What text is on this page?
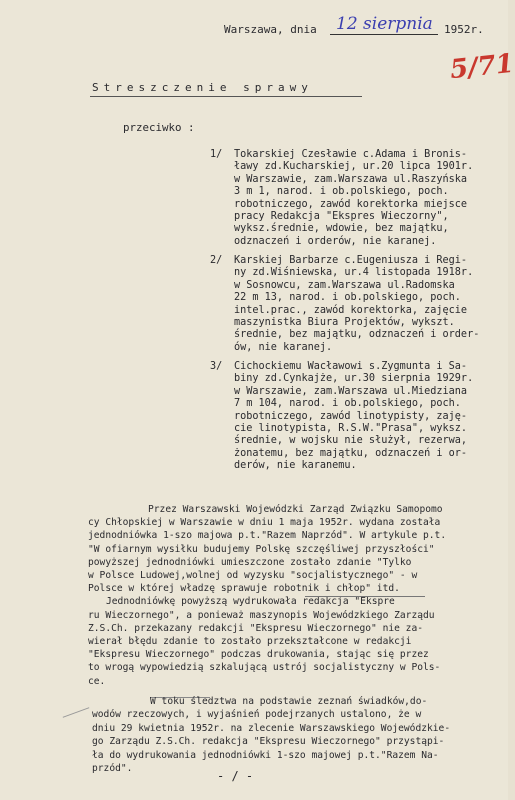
Warszawa, dnia 12 sierpnia 1952r.
5/71
Streszczenie sprawy
przeciwko :
1/ Tokarskiej Czesławie c.Adama i Bronis-
ławy zd.Kucharskiej, ur.20 lipca 1901r.
w Warszawie, zam.Warszawa ul.Raszyńska
3 m 1, narod. i ob.polskiego, poch.
robotniczego, zawód korektorka miejsce
pracy Redakcja "Ekspres Wieczorny",
wyksz.średnie, wdowie, bez majątku,
odznaczeń i orderów, nie karanej.
2/ Karskiej Barbarze c.Eugeniusza i Regi-
ny zd.Wiśniewska, ur.4 listopada 1918r.
w Sosnowcu, zam.Warszawa ul.Radomska
22 m 13, narod. i ob.polskiego, poch.
intel.prac., zawód korektorka, zajęcie
maszynistka Biura Projektów, wykszt.
średnie, bez majątku, odznaczeń i order-
ów, nie karanej.
3/ Cichockiemu Wacławowi s.Zygmunta i Sa-
biny zd.Cynkajże, ur.30 sierpnia 1929r.
w Warszawie, zam.Warszawa ul.Miedziana
7 m 104, narod. i ob.polskiego, poch.
robotniczego, zawód linotypisty, zaję-
cie linotypista, R.S.W."Prasa", wyksz.
średnie, w wojsku nie służył, rezerwa,
żonatemu, bez majątku, odznaczeń i or-
derów, nie karanemu.
Przez Warszawski Wojewódzki Zarząd Związku Samopomo
cy Chłopskiej w Warszawie w dniu 1 maja 1952r. wydana została
jednodniówka 1-szo majowa p.t."Razem Naprzód". W artykule p.t.
"W ofiarnym wysiłku budujemy Polskę szczęśliwej przyszłości"
powyższej jednodniówki umieszczone zostało zdanie "Tylko
w Polsce Ludowej,wolnej od wyzysku "socjalistycznego" - w
Polsce w której władzę sprawuje robotnik i chłop" itd.
Jednodniówkę powyższą wydrukowała redakcja "Ekspre
ru Wieczornego", a ponieważ maszynopis Wojewódzkiego Zarządu
Z.S.Ch. przekazany redakcji "Ekspresu Wieczornego" nie za-
wierał błędu zdanie to zostało przekształcone w redakcji
"Ekspresu Wieczornego" podczas drukowania, stając się przez
to wrogą wypowiedzią szkalującą ustrój socjalistyczny w Pols-
ce.
W toku śledztwa na podstawie zeznań świadków,do-
wodów rzeczowych, i wyjaśnień podejrzanych ustalono, że w
dniu 29 kwietnia 1952r. na zlecenie Warszawskiego Wojewódzkie-
go Zarządu Z.S.Ch. redakcja "Ekspresu Wieczornego" przystąpi-
ła do wydrukowania jednodniówki 1-szo majowej p.t."Razem Na-
przód".
- / -
